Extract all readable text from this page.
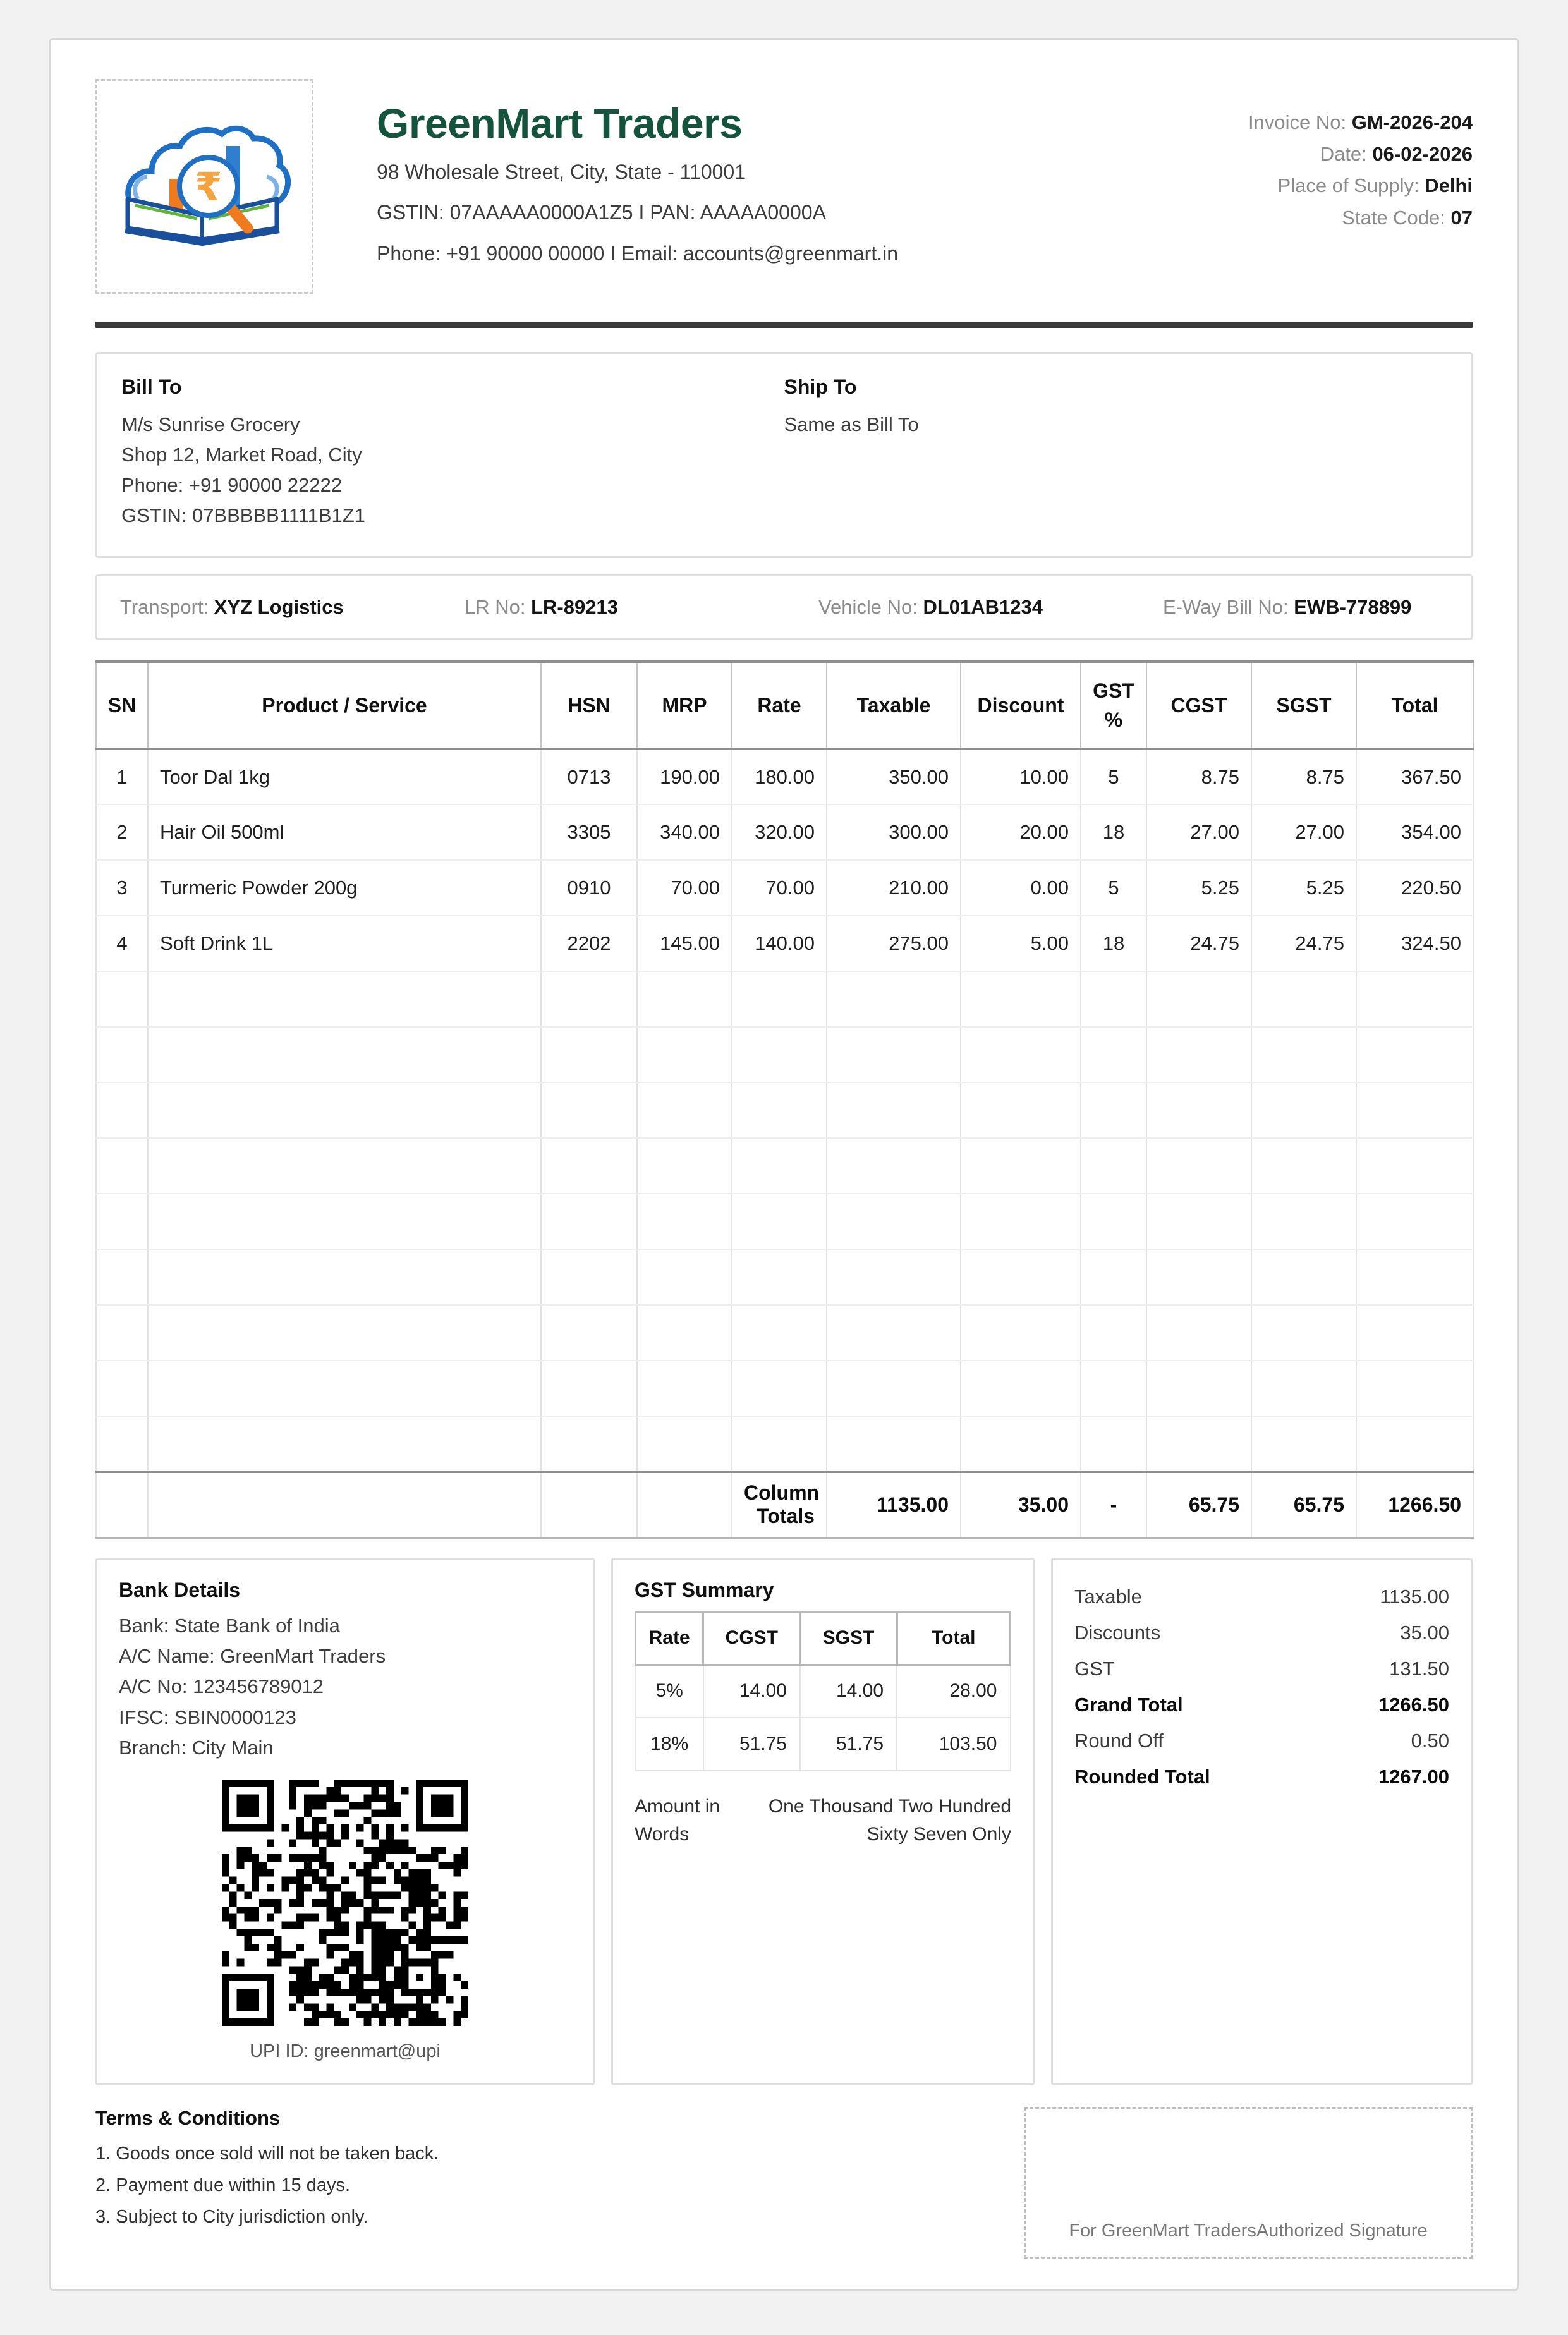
₹
GreenMart Traders
98 Wholesale Street, City, State - 110001
GSTIN: 07AAAAA0000A1Z5 I PAN: AAAAA0000A
Phone: +91 90000 00000 I Email: accounts@greenmart.in
Invoice No: GM-2026-204
Date: 06-02-2026
Place of Supply: Delhi
State Code: 07
Bill To
M/s Sunrise Grocery
Shop 12, Market Road, City
Phone: +91 90000 22222
GSTIN: 07BBBBB1111B1Z1
Ship To
Same as Bill To
Transport: XYZ Logistics	LR No: LR-89213	Vehicle No: DL01AB1234	E-Way Bill No: EWB-778899
SN	Product / Service	HSN	MRP	Rate	Taxable	Discount	GST
%	CGST	SGST	Total
1	Toor Dal 1kg	0713	190.00	180.00	350.00	10.00	5	8.75	8.75	367.50
2	Hair Oil 500ml	3305	340.00	320.00	300.00	20.00	18	27.00	27.00	354.00
3	Turmeric Powder 200g	0910	70.00	70.00	210.00	0.00	5	5.25	5.25	220.50
4	Soft Drink 1L	2202	145.00	140.00	275.00	5.00	18	24.75	24.75	324.50

				Column Totals	1135.00	35.00	-	65.75	65.75	1266.50
Bank Details
Bank: State Bank of India
A/C Name: GreenMart Traders
A/C No: 123456789012
IFSC: SBIN0000123
Branch: City Main
UPI ID: greenmart@upi
GST Summary
Rate	CGST	SGST	Total
5%	14.00	14.00	28.00
18%	51.75	51.75	103.50
Amount in Words
One Thousand Two Hundred Sixty Seven Only
Taxable	1135.00
Discounts	35.00
GST	131.50
Grand Total	1266.50
Round Off	0.50
Rounded Total	1267.00
Terms & Conditions
1. Goods once sold will not be taken back.
2. Payment due within 15 days.
3. Subject to City jurisdiction only.
For GreenMart TradersAuthorized Signature
